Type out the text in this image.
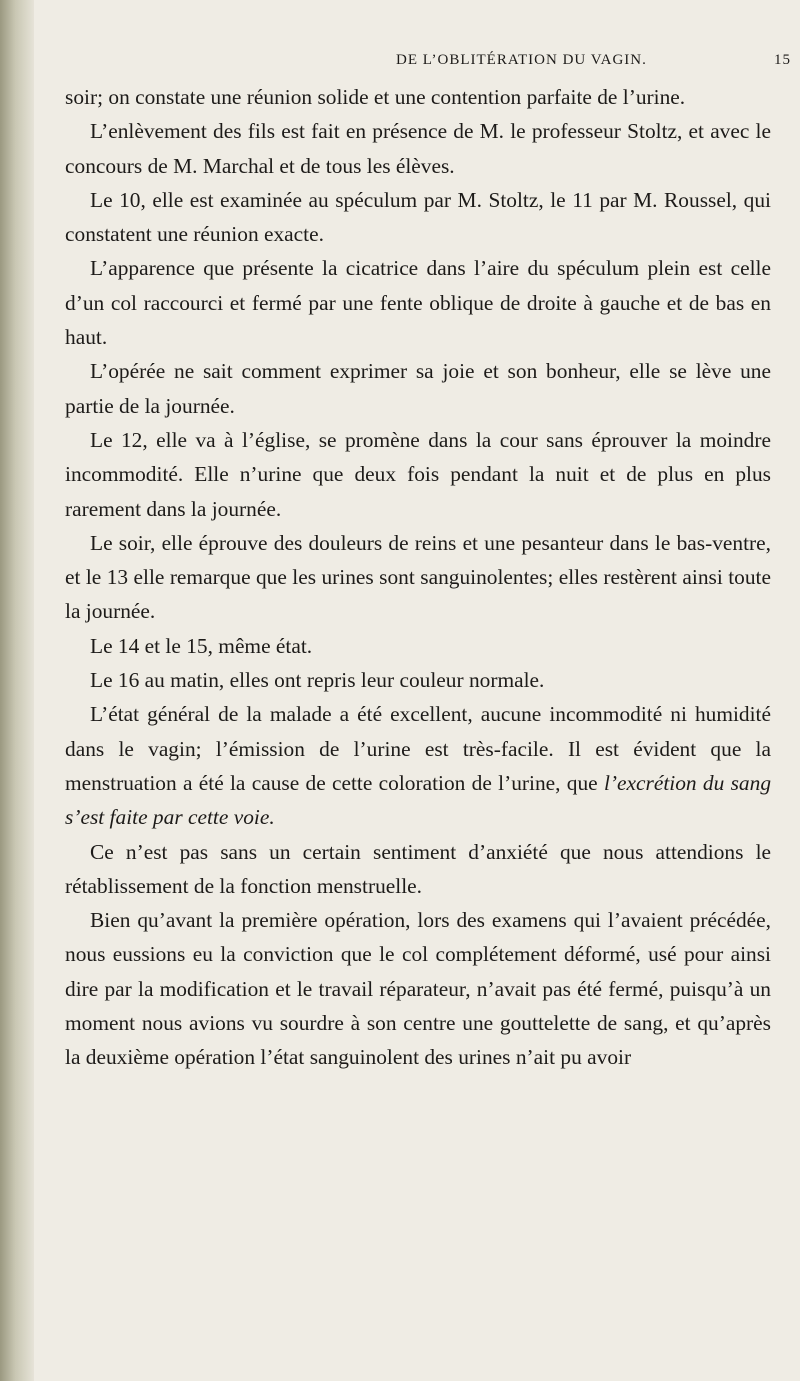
DE L’OBLITÉRATION DU VAGIN.	15

soir; on constate une réunion solide et une contention parfaite de l’urine.

L’enlèvement des fils est fait en présence de M. le professeur Stoltz, et avec le concours de M. Marchal et de tous les élèves.

Le 10, elle est examinée au spéculum par M. Stoltz, le 11 par M. Roussel, qui constatent une réunion exacte.

L’apparence que présente la cicatrice dans l’aire du spéculum plein est celle d’un col raccourci et fermé par une fente oblique de droite à gauche et de bas en haut.

L’opérée ne sait comment exprimer sa joie et son bonheur, elle se lève une partie de la journée.

Le 12, elle va à l’église, se promène dans la cour sans éprouver la moindre incommodité. Elle n’urine que deux fois pendant la nuit et de plus en plus rarement dans la journée.

Le soir, elle éprouve des douleurs de reins et une pesanteur dans le bas-ventre, et le 13 elle remarque que les urines sont sanguinolentes; elles restèrent ainsi toute la journée.

Le 14 et le 15, même état.

Le 16 au matin, elles ont repris leur couleur normale.

L’état général de la malade a été excellent, aucune incommodité ni humidité dans le vagin; l’émission de l’urine est très-facile. Il est évident que la menstruation a été la cause de cette coloration de l’urine, que l’excrétion du sang s’est faite par cette voie.

Ce n’est pas sans un certain sentiment d’anxiété que nous attendions le rétablissement de la fonction menstruelle.

Bien qu’avant la première opération, lors des examens qui l’avaient précédée, nous eussions eu la conviction que le col complétement déformé, usé pour ainsi dire par la modification et le travail réparateur, n’avait pas été fermé, puisqu’à un moment nous avions vu sourdre à son centre une gouttelette de sang, et qu’après la deuxième opération l’état sanguinolent des urines n’ait pu avoir
